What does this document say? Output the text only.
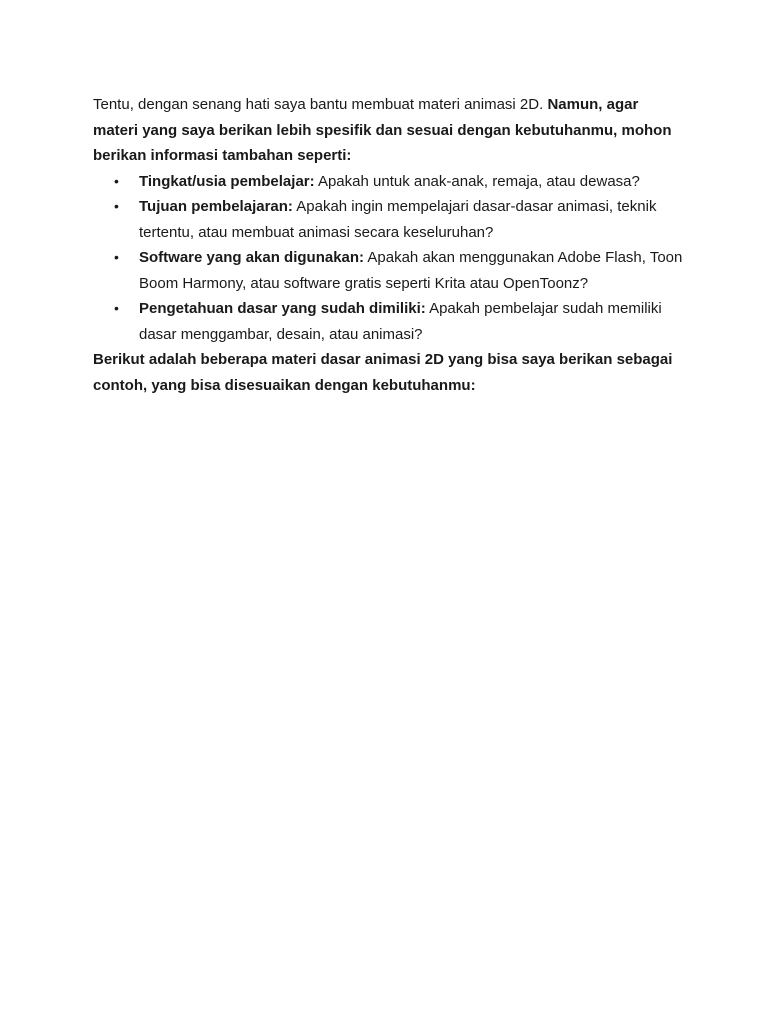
Tentu, dengan senang hati saya bantu membuat materi animasi 2D. Namun, agar materi yang saya berikan lebih spesifik dan sesuai dengan kebutuhanmu, mohon berikan informasi tambahan seperti:

• Tingkat/usia pembelajar: Apakah untuk anak-anak, remaja, atau dewasa?
• Tujuan pembelajaran: Apakah ingin mempelajari dasar-dasar animasi, teknik tertentu, atau membuat animasi secara keseluruhan?
• Software yang akan digunakan: Apakah akan menggunakan Adobe Flash, Toon Boom Harmony, atau software gratis seperti Krita atau OpenToonz?
• Pengetahuan dasar yang sudah dimiliki: Apakah pembelajar sudah memiliki dasar menggambar, desain, atau animasi?

Berikut adalah beberapa materi dasar animasi 2D yang bisa saya berikan sebagai contoh, yang bisa disesuaikan dengan kebutuhanmu:
